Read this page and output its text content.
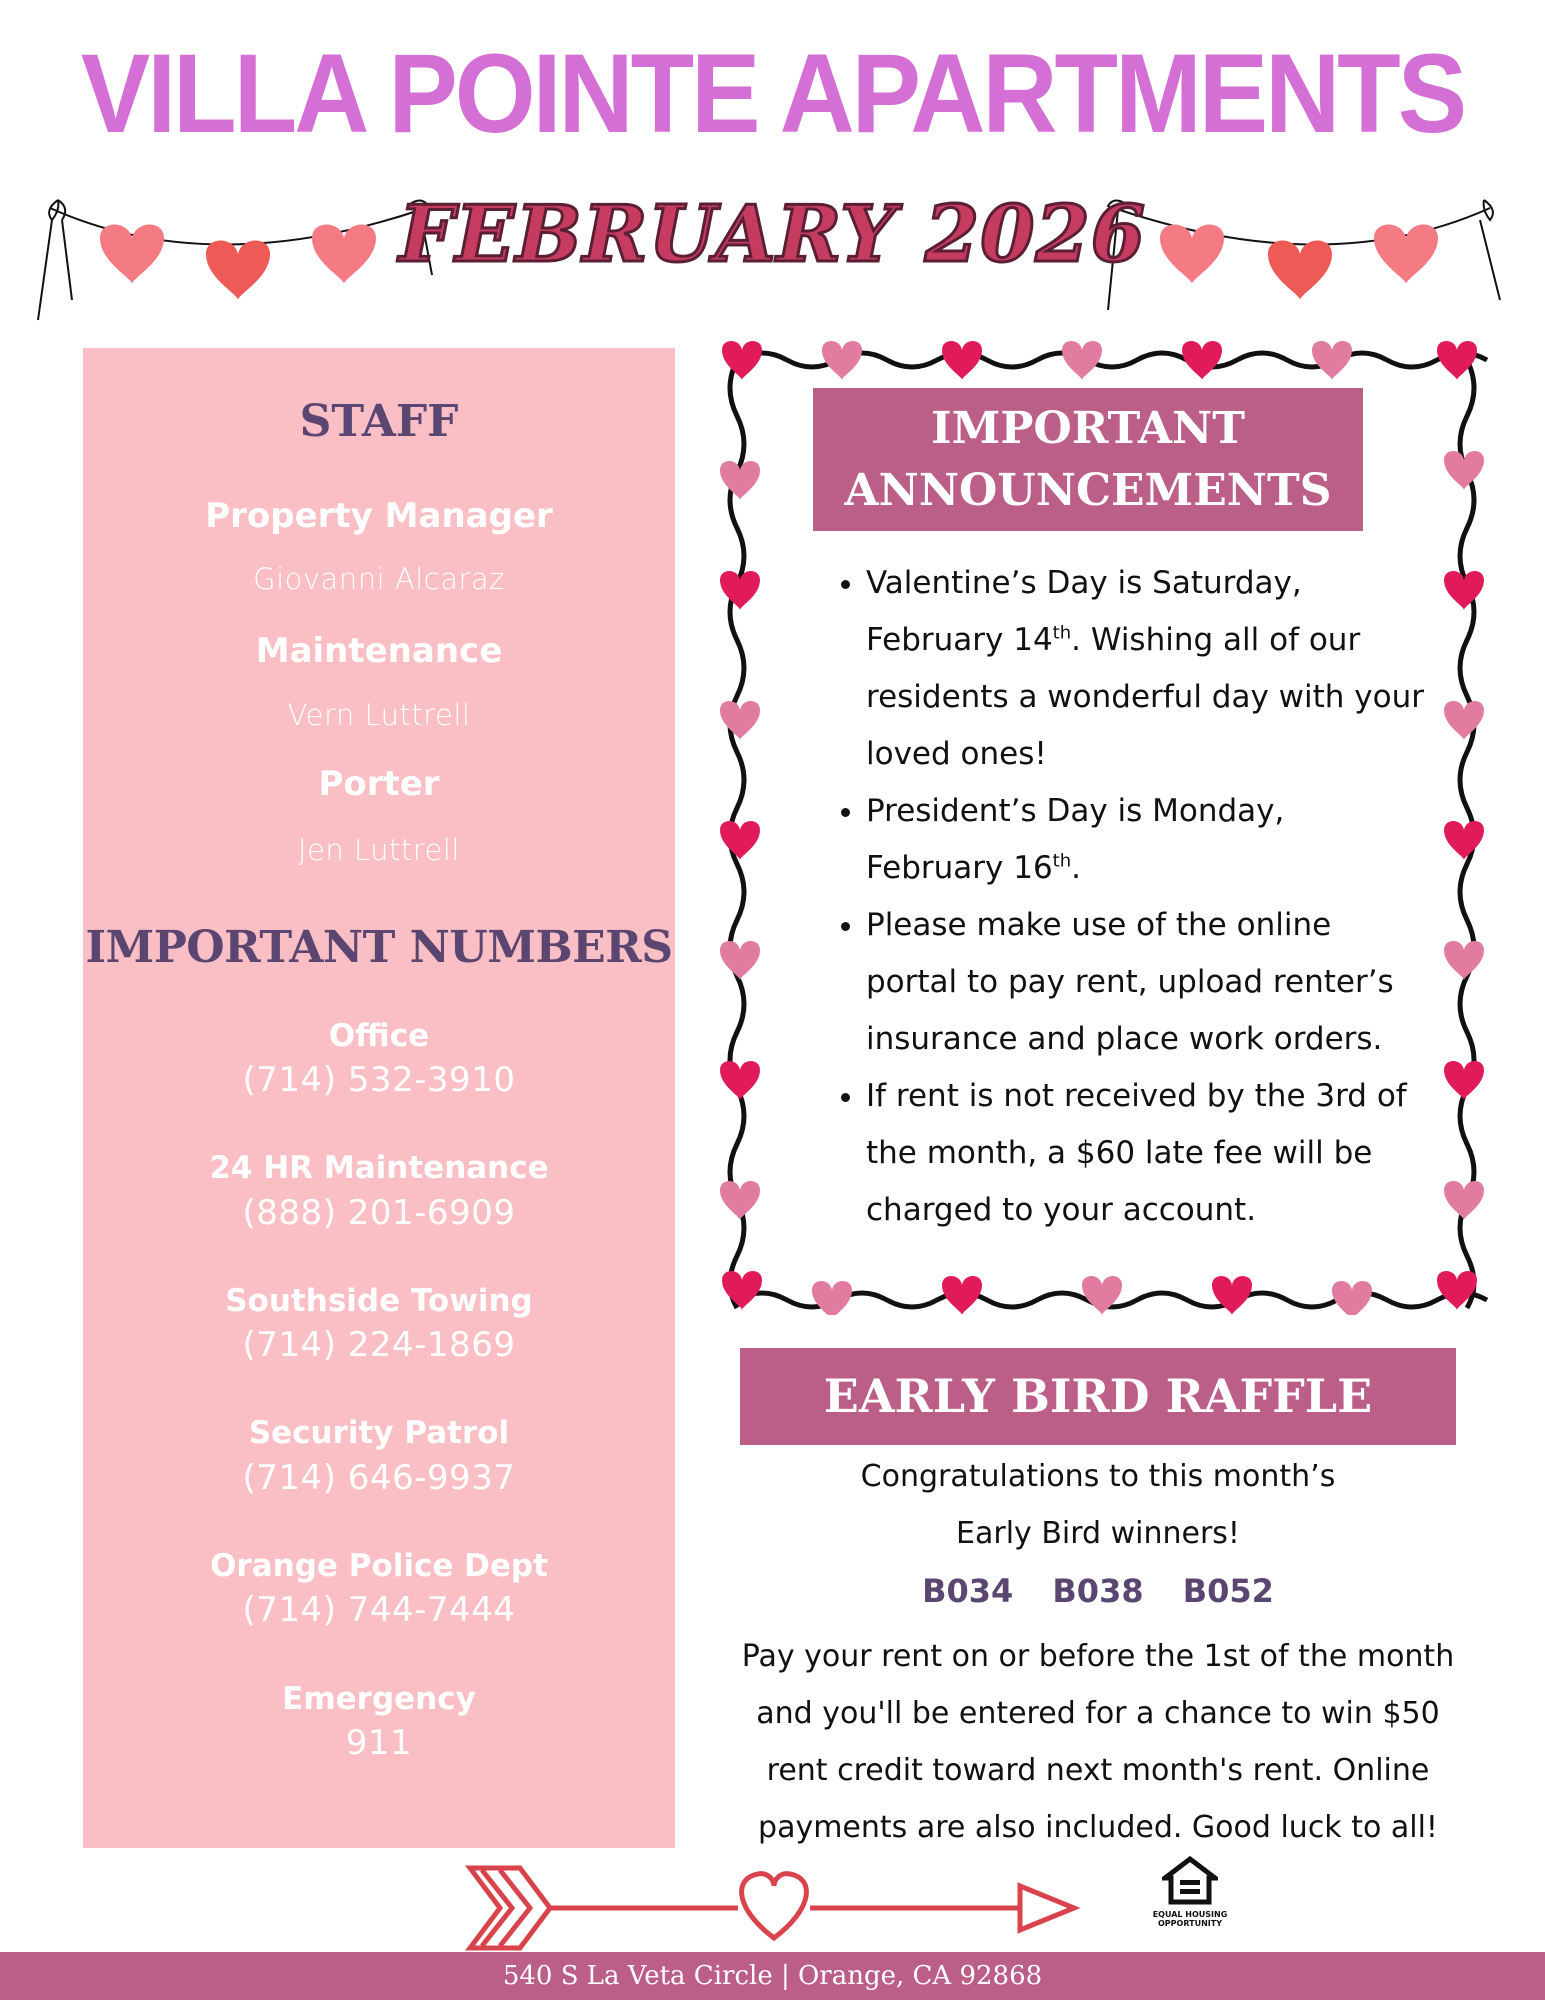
VILLA POINTE APARTMENTS
FEBRUARY 2026
STAFF
Property Manager
Giovanni Alcaraz
Maintenance
Vern Luttrell
Porter
Jen Luttrell
IMPORTANT NUMBERS
Office
(714) 532-3910
24 HR Maintenance
(888) 201-6909
Southside Towing
(714) 224-1869
Security Patrol
(714) 646-9937
Orange Police Dept
(714) 744-7444
Emergency
911
IMPORTANT
ANNOUNCEMENTS
• Valentine’s Day is Saturday, February 14th. Wishing all of our residents a wonderful day with your loved ones!
• President’s Day is Monday, February 16th.
• Please make use of the online portal to pay rent, upload renter’s insurance and place work orders.
• If rent is not received by the 3rd of the month, a $60 late fee will be charged to your account.
EARLY BIRD RAFFLE
Congratulations to this month’s
Early Bird winners!
B034 B038 B052
Pay your rent on or before the 1st of the month
and you'll be entered for a chance to win $50
rent credit toward next month's rent. Online
payments are also included. Good luck to all!
EQUAL HOUSING
OPPORTUNITY
540 S La Veta Circle | Orange, CA 92868
